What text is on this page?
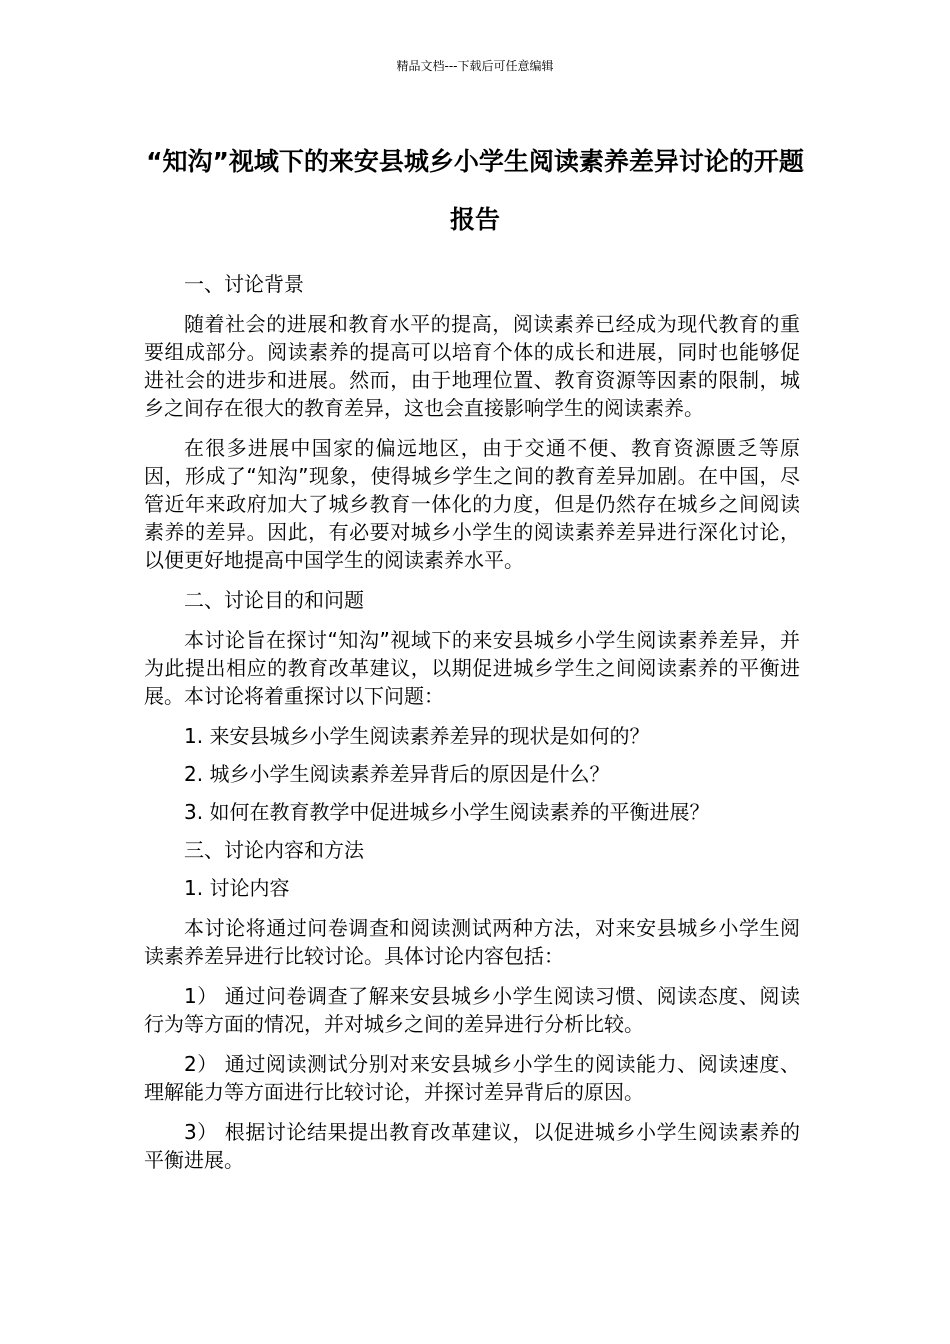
精品文档---下载后可任意编辑
“知沟”视域下的来安县城乡小学生阅读素养差异讨论的开题报告

一、讨论背景

随着社会的进展和教育水平的提高，阅读素养已经成为现代教育的重要组成部分。阅读素养的提高可以培育个体的成长和进展，同时也能够促进社会的进步和进展。然而，由于地理位置、教育资源等因素的限制，城乡之间存在很大的教育差异，这也会直接影响学生的阅读素养。

在很多进展中国家的偏远地区，由于交通不便、教育资源匮乏等原因，形成了“知沟”现象，使得城乡学生之间的教育差异加剧。在中国，尽管近年来政府加大了城乡教育一体化的力度，但是仍然存在城乡之间阅读素养的差异。因此，有必要对城乡小学生的阅读素养差异进行深化讨论，以便更好地提高中国学生的阅读素养水平。

二、讨论目的和问题

本讨论旨在探讨“知沟”视域下的来安县城乡小学生阅读素养差异，并为此提出相应的教育改革建议，以期促进城乡学生之间阅读素养的平衡进展。本讨论将着重探讨以下问题：

1. 来安县城乡小学生阅读素养差异的现状是如何的？

2. 城乡小学生阅读素养差异背后的原因是什么？

3. 如何在教育教学中促进城乡小学生阅读素养的平衡进展？

三、讨论内容和方法

1. 讨论内容

本讨论将通过问卷调查和阅读测试两种方法，对来安县城乡小学生阅读素养差异进行比较讨论。具体讨论内容包括：

1） 通过问卷调查了解来安县城乡小学生阅读习惯、阅读态度、阅读行为等方面的情况，并对城乡之间的差异进行分析比较。

2） 通过阅读测试分别对来安县城乡小学生的阅读能力、阅读速度、理解能力等方面进行比较讨论，并探讨差异背后的原因。

3） 根据讨论结果提出教育改革建议，以促进城乡小学生阅读素养的平衡进展。
